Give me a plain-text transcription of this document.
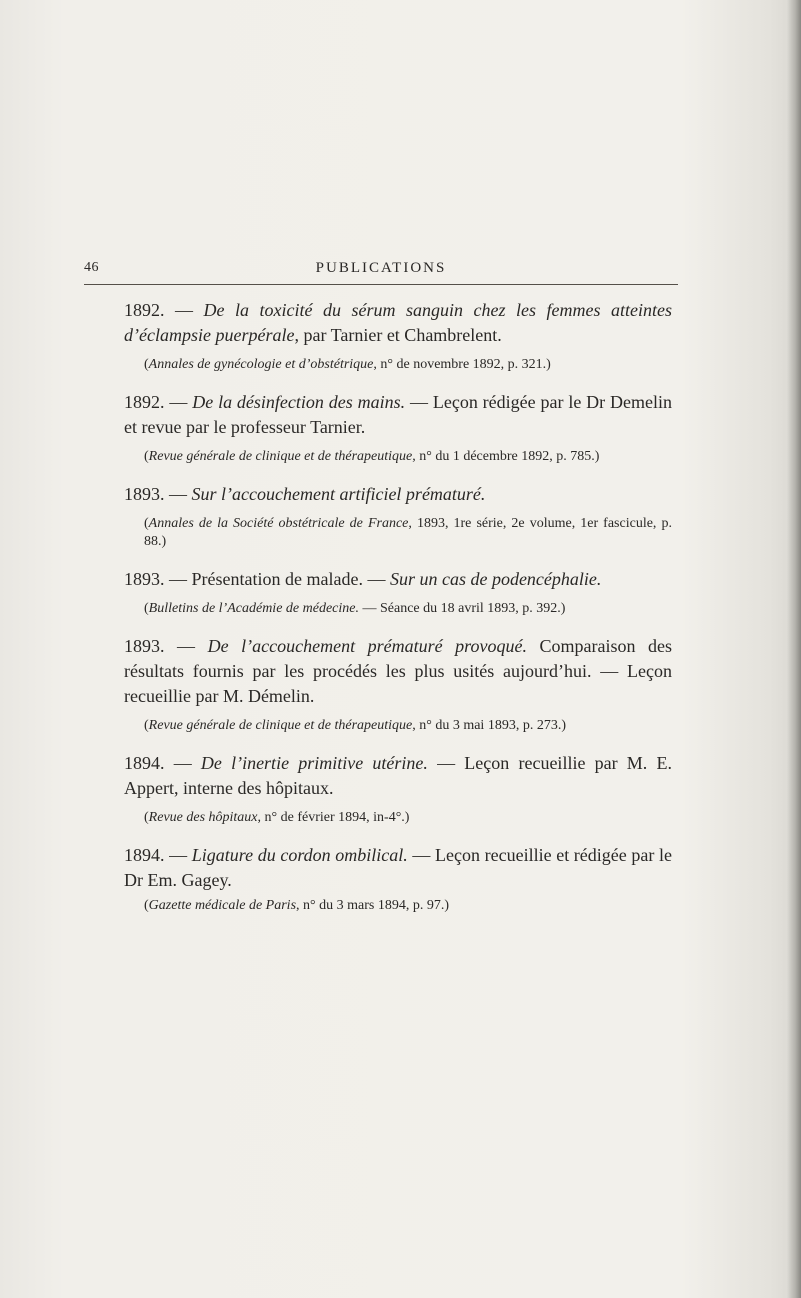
46	PUBLICATIONS

1892. — De la toxicité du sérum sanguin chez les femmes atteintes d’éclampsie puerpérale, par Tarnier et Chambrelent.

(Annales de gynécologie et d’obstétrique, n° de novembre 1892, p. 321.)

1892. — De la désinfection des mains. — Leçon rédigée par le Dr Demelin et revue par le professeur Tarnier.

(Revue générale de clinique et de thérapeutique, n° du 1 décembre 1892, p. 785.)

1893. — Sur l’accouchement artificiel prématuré.

(Annales de la Société obstétricale de France, 1893, 1re série, 2e volume, 1er fascicule, p. 88.)

1893. — Présentation de malade. — Sur un cas de podencéphalie.

(Bulletins de l’Académie de médecine. — Séance du 18 avril 1893, p. 392.)

1893. — De l’accouchement prématuré provoqué. Comparaison des résultats fournis par les procédés les plus usités aujourd’hui. — Leçon recueillie par M. Démelin.

(Revue générale de clinique et de thérapeutique, n° du 3 mai 1893, p. 273.)

1894. — De l’inertie primitive utérine. — Leçon recueillie par M. E. Appert, interne des hôpitaux.

(Revue des hôpitaux, n° de février 1894, in-4°.)

1894. — Ligature du cordon ombilical. — Leçon recueillie et rédigée par le Dr Em. Gagey.

(Gazette médicale de Paris, n° du 3 mars 1894, p. 97.)
